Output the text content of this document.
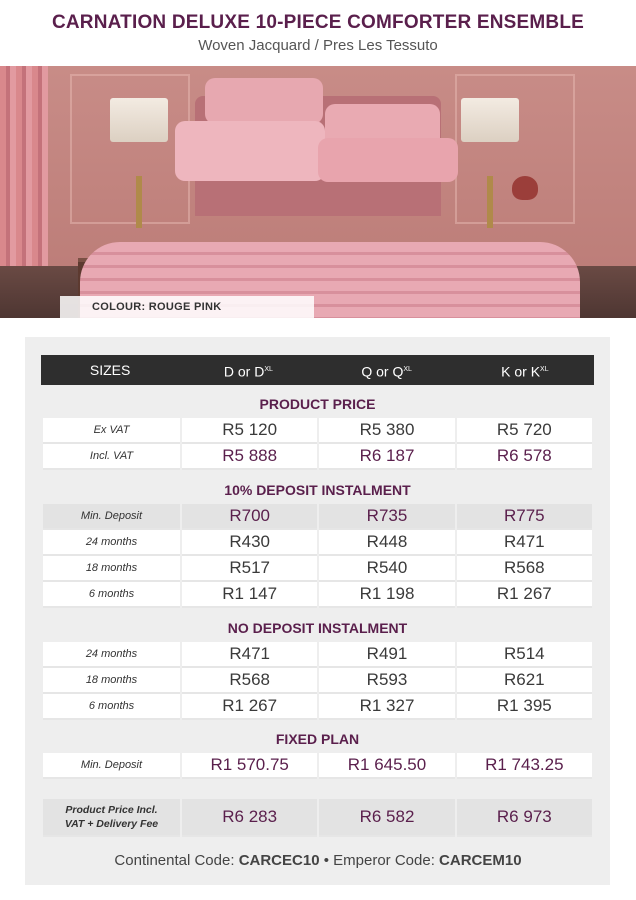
CARNATION DELUXE 10-PIECE COMFORTER ENSEMBLE
Woven Jacquard / Pres Les Tessuto
COLOUR: ROUGE PINK
SIZES	D or $D^{XL}$	Q or $Q^{XL}$	K or $K^{XL}$
PRODUCT PRICE
Ex VAT	R5 120	R5 380	R5 720
Incl. VAT	R5 888	R6 187	R6 578
10% DEPOSIT INSTALMENT
Min. Deposit	R700	R735	R775
24 months	R430	R448	R471
18 months	R517	R540	R568
6 months	R1 147	R1 198	R1 267
NO DEPOSIT INSTALMENT
24 months	R471	R491	R514
18 months	R568	R593	R621
6 months	R1 267	R1 327	R1 395
FIXED PLAN
Min. Deposit	R1 570.75	R1 645.50	R1 743.25
Product Price Incl.
VAT + Delivery Fee	R6 283	R6 582	R6 973
Continental Code: CARCEC10 • Emperor Code: CARCEM10
